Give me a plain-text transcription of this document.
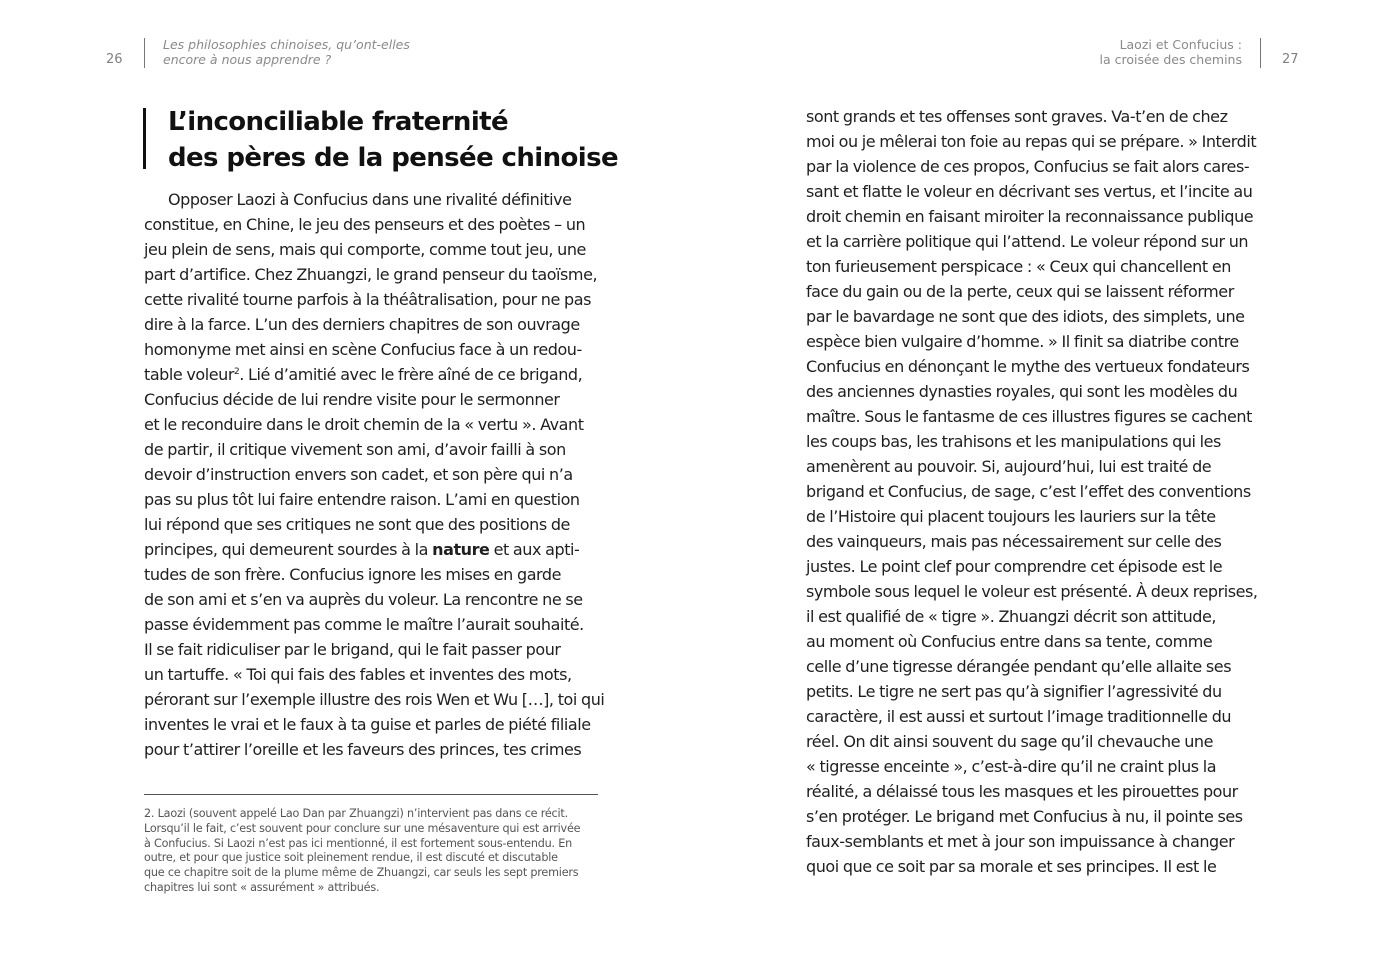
26
Les philosophies chinoises, qu’ont-elles
encore à nous apprendre ?
L’inconciliable fraternité
des pères de la pensée chinoise
Opposer Laozi à Confucius dans une rivalité définitive
constitue, en Chine, le jeu des penseurs et des poètes – un
jeu plein de sens, mais qui comporte, comme tout jeu, une
part d’artifice. Chez Zhuangzi, le grand penseur du taoïsme,
cette rivalité tourne parfois à la théâtralisation, pour ne pas
dire à la farce. L’un des derniers chapitres de son ouvrage
homonyme met ainsi en scène Confucius face à un redou-
table voleur$^2$. Lié d’amitié avec le frère aîné de ce brigand,
Confucius décide de lui rendre visite pour le sermonner
et le reconduire dans le droit chemin de la « vertu ». Avant
de partir, il critique vivement son ami, d’avoir failli à son
devoir d’instruction envers son cadet, et son père qui n’a
pas su plus tôt lui faire entendre raison. L’ami en question
lui répond que ses critiques ne sont que des positions de
principes, qui demeurent sourdes à la nature et aux apti-
tudes de son frère. Confucius ignore les mises en garde
de son ami et s’en va auprès du voleur. La rencontre ne se
passe évidemment pas comme le maître l’aurait souhaité.
Il se fait ridiculiser par le brigand, qui le fait passer pour
un tartuffe. « Toi qui fais des fables et inventes des mots,
pérorant sur l’exemple illustre des rois Wen et Wu […], toi qui
inventes le vrai et le faux à ta guise et parles de piété filiale
pour t’attirer l’oreille et les faveurs des princes, tes crimes
2. Laozi (souvent appelé Lao Dan par Zhuangzi) n’intervient pas dans ce récit.
Lorsqu’il le fait, c’est souvent pour conclure sur une mésaventure qui est arrivée
à Confucius. Si Laozi n’est pas ici mentionné, il est fortement sous-entendu. En
outre, et pour que justice soit pleinement rendue, il est discuté et discutable
que ce chapitre soit de la plume même de Zhuangzi, car seuls les sept premiers
chapitres lui sont « assurément » attribués.
Laozi et Confucius :
la croisée des chemins	27
sont grands et tes offenses sont graves. Va-t’en de chez
moi ou je mêlerai ton foie au repas qui se prépare. » Interdit
par la violence de ces propos, Confucius se fait alors cares-
sant et flatte le voleur en décrivant ses vertus, et l’incite au
droit chemin en faisant miroiter la reconnaissance publique
et la carrière politique qui l’attend. Le voleur répond sur un
ton furieusement perspicace : « Ceux qui chancellent en
face du gain ou de la perte, ceux qui se laissent réformer
par le bavardage ne sont que des idiots, des simplets, une
espèce bien vulgaire d’homme. » Il finit sa diatribe contre
Confucius en dénonçant le mythe des vertueux fondateurs
des anciennes dynasties royales, qui sont les modèles du
maître. Sous le fantasme de ces illustres figures se cachent
les coups bas, les trahisons et les manipulations qui les
amenèrent au pouvoir. Si, aujourd’hui, lui est traité de
brigand et Confucius, de sage, c’est l’effet des conventions
de l’Histoire qui placent toujours les lauriers sur la tête
des vainqueurs, mais pas nécessairement sur celle des
justes. Le point clef pour comprendre cet épisode est le
symbole sous lequel le voleur est présenté. À deux reprises,
il est qualifié de « tigre ». Zhuangzi décrit son attitude,
au moment où Confucius entre dans sa tente, comme
celle d’une tigresse dérangée pendant qu’elle allaite ses
petits. Le tigre ne sert pas qu’à signifier l’agressivité du
caractère, il est aussi et surtout l’image traditionnelle du
réel. On dit ainsi souvent du sage qu’il chevauche une
« tigresse enceinte », c’est-à-dire qu’il ne craint plus la
réalité, a délaissé tous les masques et les pirouettes pour
s’en protéger. Le brigand met Confucius à nu, il pointe ses
faux-semblants et met à jour son impuissance à changer
quoi que ce soit par sa morale et ses principes. Il est le
